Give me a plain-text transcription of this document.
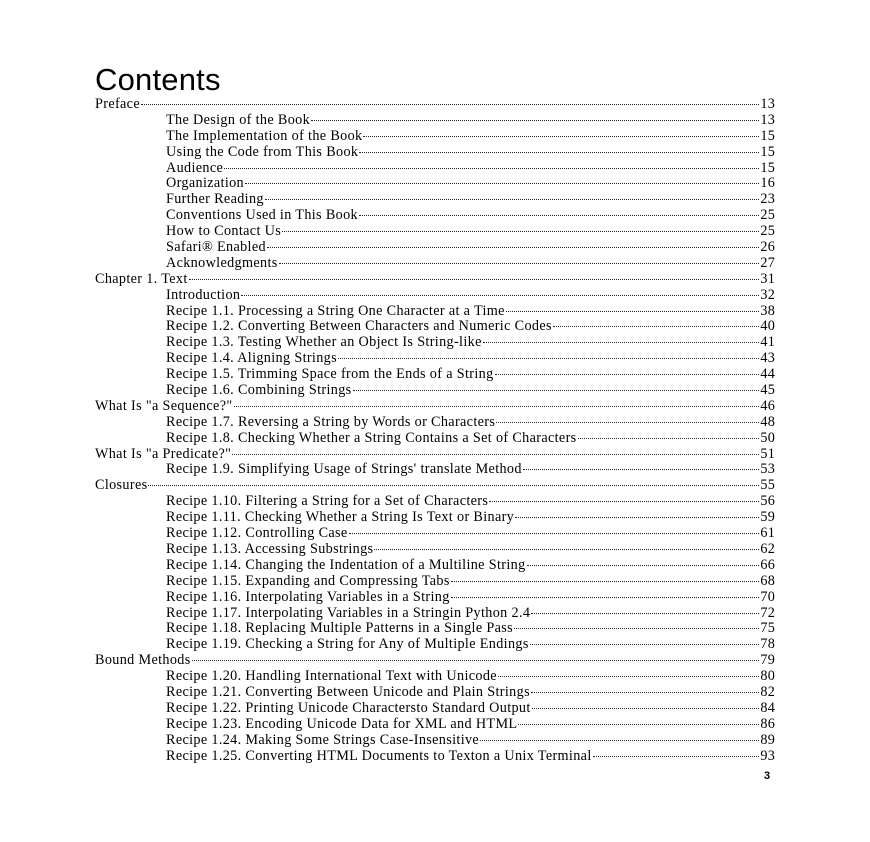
Contents
Preface	13
The Design of the Book	13
The Implementation of the Book	15
Using the Code from This Book	15
Audience	15
Organization	16
Further Reading	23
Conventions Used in This Book	25
How to Contact Us	25
Safari® Enabled	26
Acknowledgments	27
Chapter 1. Text	31
Introduction	32
Recipe 1.1. Processing a String One Character at a Time	38
Recipe 1.2. Converting Between Characters and Numeric Codes	40
Recipe 1.3. Testing Whether an Object Is String-like	41
Recipe 1.4. Aligning Strings	43
Recipe 1.5. Trimming Space from the Ends of a String	44
Recipe 1.6. Combining Strings	45
What Is "a Sequence?"	46
Recipe 1.7. Reversing a String by Words or Characters	48
Recipe 1.8. Checking Whether a String Contains a Set of Characters	50
What Is "a Predicate?"	51
Recipe 1.9. Simplifying Usage of Strings' translate Method	53
Closures	55
Recipe 1.10. Filtering a String for a Set of Characters	56
Recipe 1.11. Checking Whether a String Is Text or Binary	59
Recipe 1.12. Controlling Case	61
Recipe 1.13. Accessing Substrings	62
Recipe 1.14. Changing the Indentation of a Multiline String	66
Recipe 1.15. Expanding and Compressing Tabs	68
Recipe 1.16. Interpolating Variables in a String	70
Recipe 1.17. Interpolating Variables in a Stringin Python 2.4	72
Recipe 1.18. Replacing Multiple Patterns in a Single Pass	75
Recipe 1.19. Checking a String for Any of Multiple Endings	78
Bound Methods	79
Recipe 1.20. Handling International Text with Unicode	80
Recipe 1.21. Converting Between Unicode and Plain Strings	82
Recipe 1.22. Printing Unicode Charactersto Standard Output	84
Recipe 1.23. Encoding Unicode Data for XML and HTML	86
Recipe 1.24. Making Some Strings Case-Insensitive	89
Recipe 1.25. Converting HTML Documents to Texton a Unix Terminal	93
3
